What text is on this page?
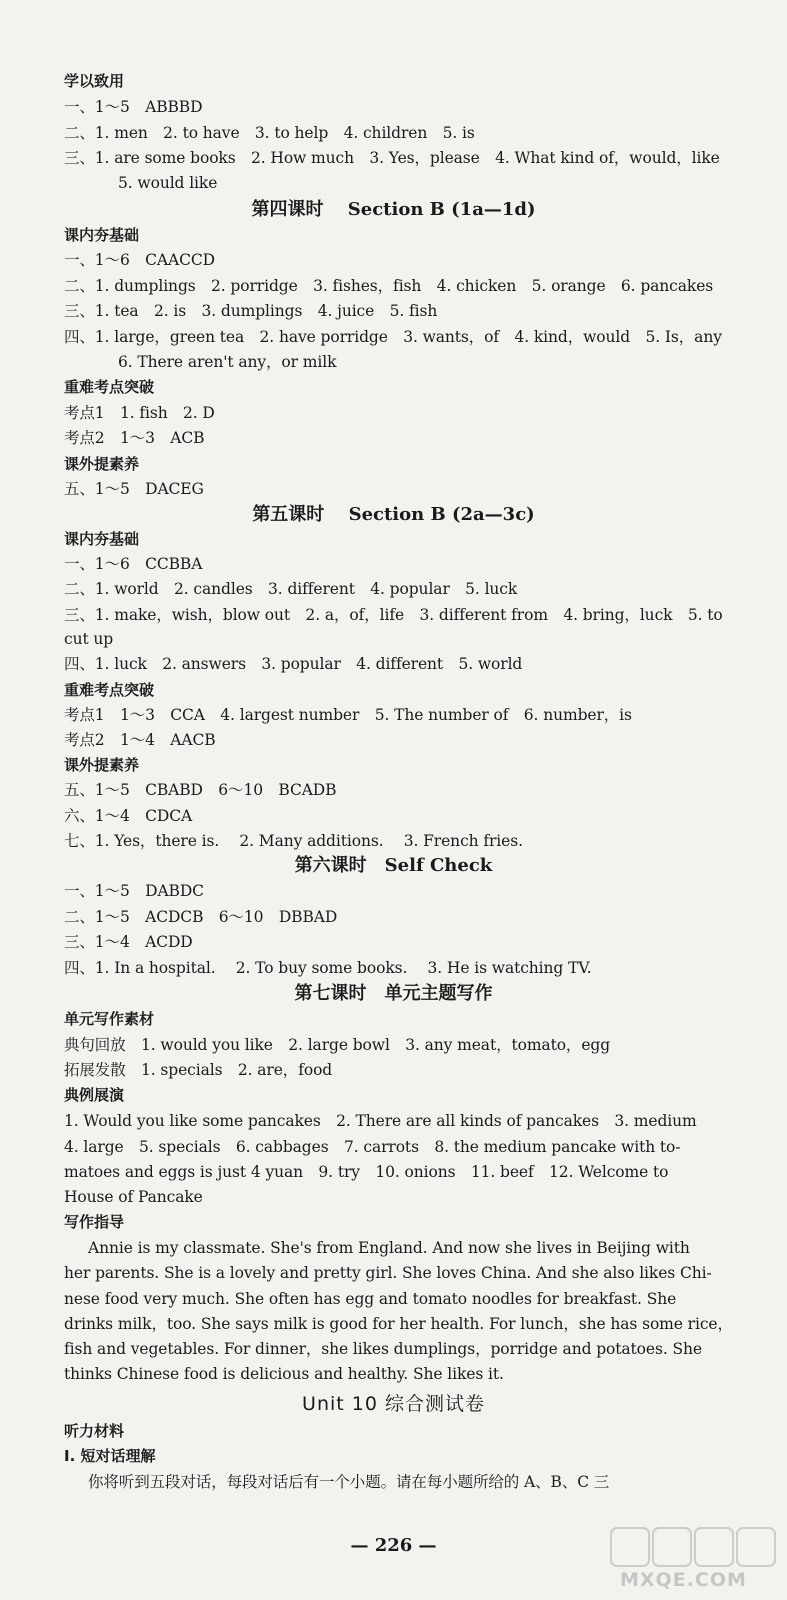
学以致用
一、1～5　ABBBD
二、1. men　2. to have　3. to help　4. children　5. is
三、1. are some books　2. How much　3. Yes，please　4. What kind of，would，like
5. would like
第四课时　 Section B (1a—1d)
课内夯基础
一、1～6　CAACCD
二、1. dumplings　2. porridge　3. fishes，fish　4. chicken　5. orange　6. pancakes
三、1. tea　2. is　3. dumplings　4. juice　5. fish
四、1. large，green tea　2. have porridge　3. wants，of　4. kind，would　5. Is，any
6. There aren't any，or milk
重难考点突破
考点1　1. fish　2. D
考点2　1～3　ACB
课外提素养
五、1～5　DACEG
第五课时　 Section B (2a—3c)
课内夯基础
一、1～6　CCBBA
二、1. world　2. candles　3. different　4. popular　5. luck
三、1. make，wish，blow out　2. a，of，life　3. different from　4. bring，luck　5. to
cut up
四、1. luck　2. answers　3. popular　4. different　5. world
重难考点突破
考点1　1～3　CCA　4. largest number　5. The number of　6. number，is
考点2　1～4　AACB
课外提素养
五、1～5　CBABD　6～10　BCADB
六、1～4　CDCA
七、1. Yes，there is.　 2. Many additions.　 3. French fries.
第六课时　Self Check
一、1～5　DABDC
二、1～5　ACDCB　6～10　DBBAD
三、1～4　ACDD
四、1. In a hospital.　 2. To buy some books.　 3. He is watching TV.
第七课时　单元主题写作
单元写作素材
典句回放　1. would you like　2. large bowl　3. any meat，tomato，egg
拓展发散　1. specials　2. are，food
典例展演
1. Would you like some pancakes　2. There are all kinds of pancakes　3. medium
4. large　5. specials　6. cabbages　7. carrots　8. the medium pancake with to-
matoes and eggs is just 4 yuan　9. try　10. onions　11. beef　12. Welcome to
House of Pancake
写作指导
Annie is my classmate. She's from England. And now she lives in Beijing with
her parents. She is a lovely and pretty girl. She loves China. And she also likes Chi-
nese food very much. She often has egg and tomato noodles for breakfast. She
drinks milk，too. She says milk is good for her health. For lunch，she has some rice，
fish and vegetables. For dinner，she likes dumplings，porridge and potatoes. She
thinks Chinese food is delicious and healthy. She likes it.
Unit 10 综合测试卷
听力材料
Ⅰ. 短对话理解
你将听到五段对话，每段对话后有一个小题。请在每小题所给的 A、B、C 三
— 226 —
MXQE.COM
